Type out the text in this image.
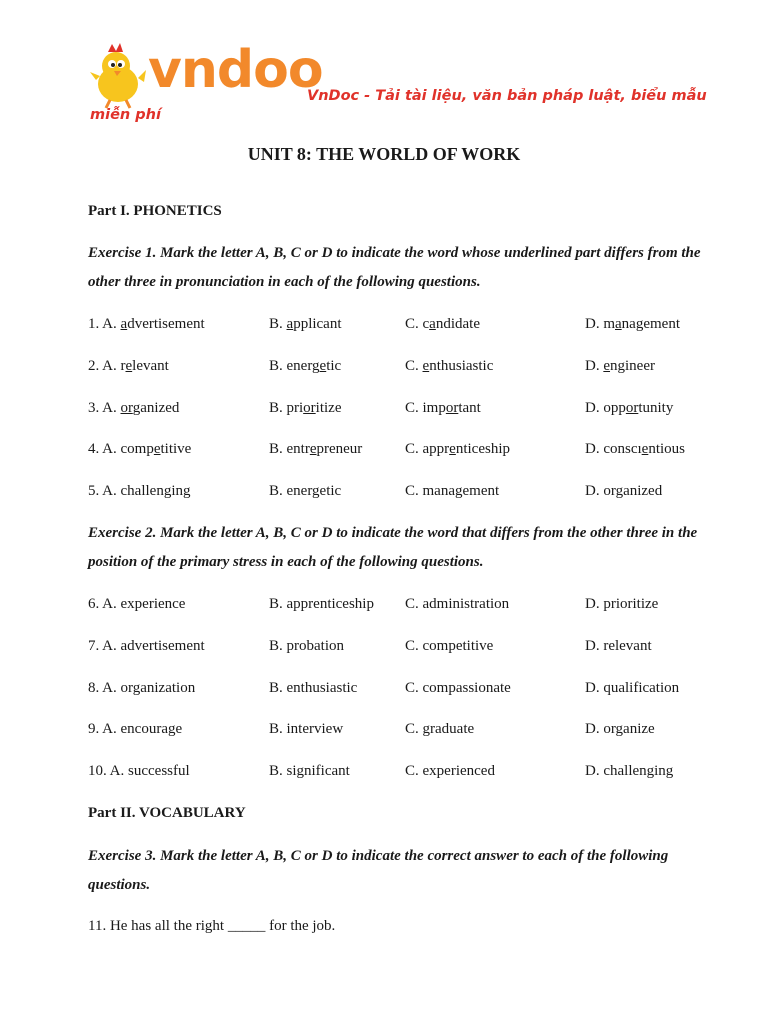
vndoo
VnDoc - Tải tài liệu, văn bản pháp luật, biểu mẫu
miễn phí
UNIT 8: THE WORLD OF WORK
Part I. PHONETICS
Exercise 1. Mark the letter A, B, C or D to indicate the word whose underlined part differs from the other three in pronunciation in each of the following questions.
1. A. advertisement	B. applicant	C. candidate	D. management
2. A. relevant	B. energetic	C. enthusiastic	D. engineer
3. A. organized	B. prioritize	C. important	D. opportunity
4. A. competitive	B. entrepreneur	C. apprenticeship	D. conscıentious
5. A. challenging	B. energetic	C. management	D. organized
Exercise 2. Mark the letter A, B, C or D to indicate the word that differs from the other three in the position of the primary stress in each of the following questions.
6. A. experience	B. apprenticeship C. administration	D. prioritize
7. A. advertisement	B. probation	C. competitive	D. relevant
8. A. organization	B. enthusiastic	C. compassionate	D. qualification
9. A. encourage	B. interview	C. graduate	D. organize
10. A. successful	B. significant	C. experienced	D. challenging
Part II. VOCABULARY
Exercise 3. Mark the letter A, B, C or D to indicate the correct answer to each of the following questions.
11. He has all the right _____ for the job.
